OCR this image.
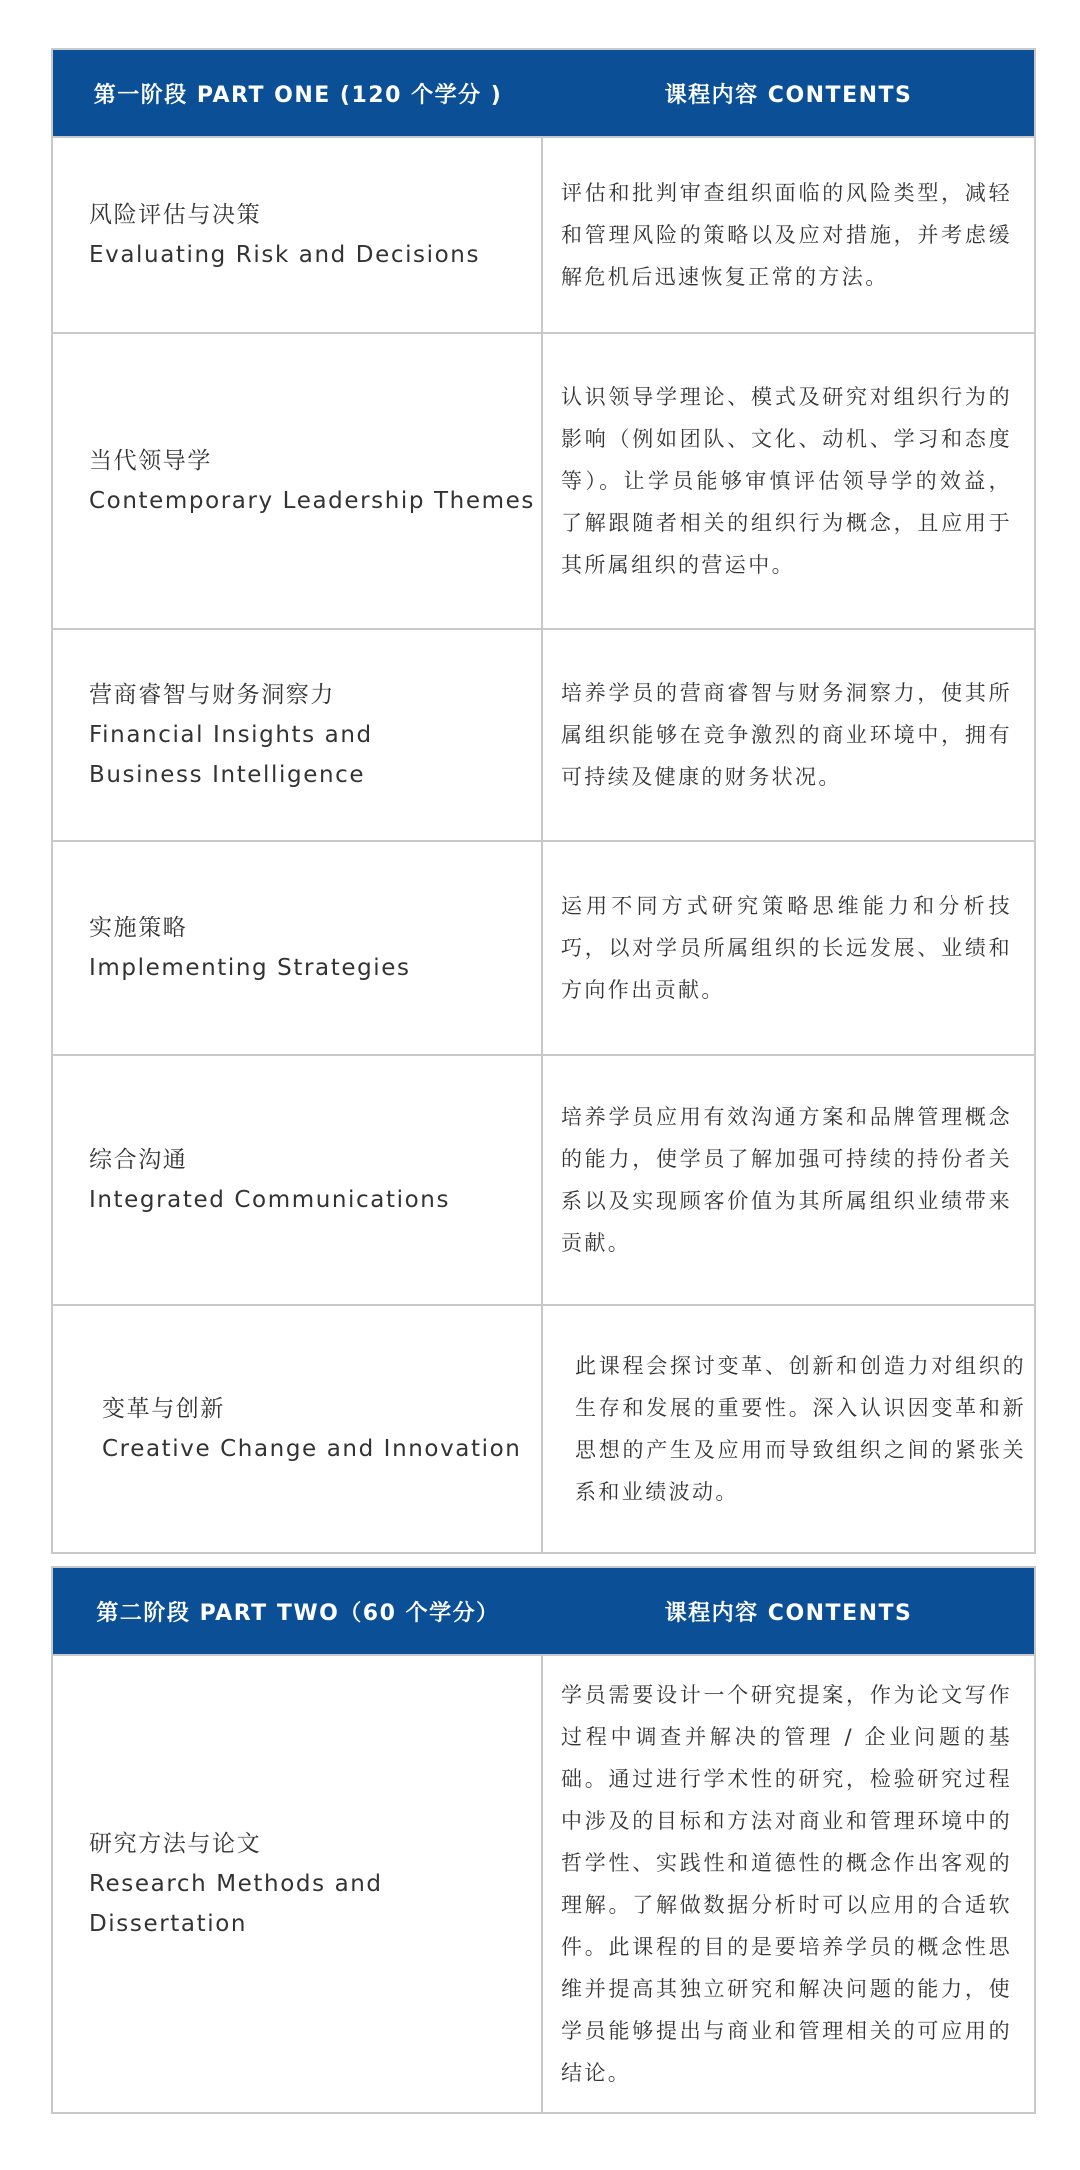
第一阶段 PART ONE (120 个学分 )	课程内容 CONTENTS
风险评估与决策
Evaluating Risk and Decisions
评估和批判审查组织面临的风险类型，减轻和管理风险的策略以及应对措施，并考虑缓解危机后迅速恢复正常的方法。
当代领导学
Contemporary Leadership Themes
认识领导学理论、模式及研究对组织行为的影响（例如团队、文化、动机、学习和态度等）。让学员能够审慎评估领导学的效益，了解跟随者相关的组织行为概念，且应用于其所属组织的营运中。
营商睿智与财务洞察力
Financial Insights and
Business Intelligence
培养学员的营商睿智与财务洞察力，使其所属组织能够在竞争激烈的商业环境中，拥有可持续及健康的财务状况。
实施策略
Implementing Strategies
运用不同方式研究策略思维能力和分析技巧，以对学员所属组织的长远发展、业绩和方向作出贡献。
综合沟通
Integrated Communications
培养学员应用有效沟通方案和品牌管理概念的能力，使学员了解加强可持续的持份者关系以及实现顾客价值为其所属组织业绩带来贡献。
变革与创新
Creative Change and Innovation
此课程会探讨变革、创新和创造力对组织的生存和发展的重要性。深入认识因变革和新思想的产生及应用而导致组织之间的紧张关系和业绩波动。
第二阶段 PART TWO（60 个学分）	课程内容 CONTENTS
研究方法与论文
Research Methods and Dissertation
学员需要设计一个研究提案，作为论文写作过程中调查并解决的管理 / 企业问题的基础。通过进行学术性的研究，检验研究过程中涉及的目标和方法对商业和管理环境中的哲学性、实践性和道德性的概念作出客观的理解。了解做数据分析时可以应用的合适软件。此课程的目的是要培养学员的概念性思维并提高其独立研究和解决问题的能力，使学员能够提出与商业和管理相关的可应用的结论。
